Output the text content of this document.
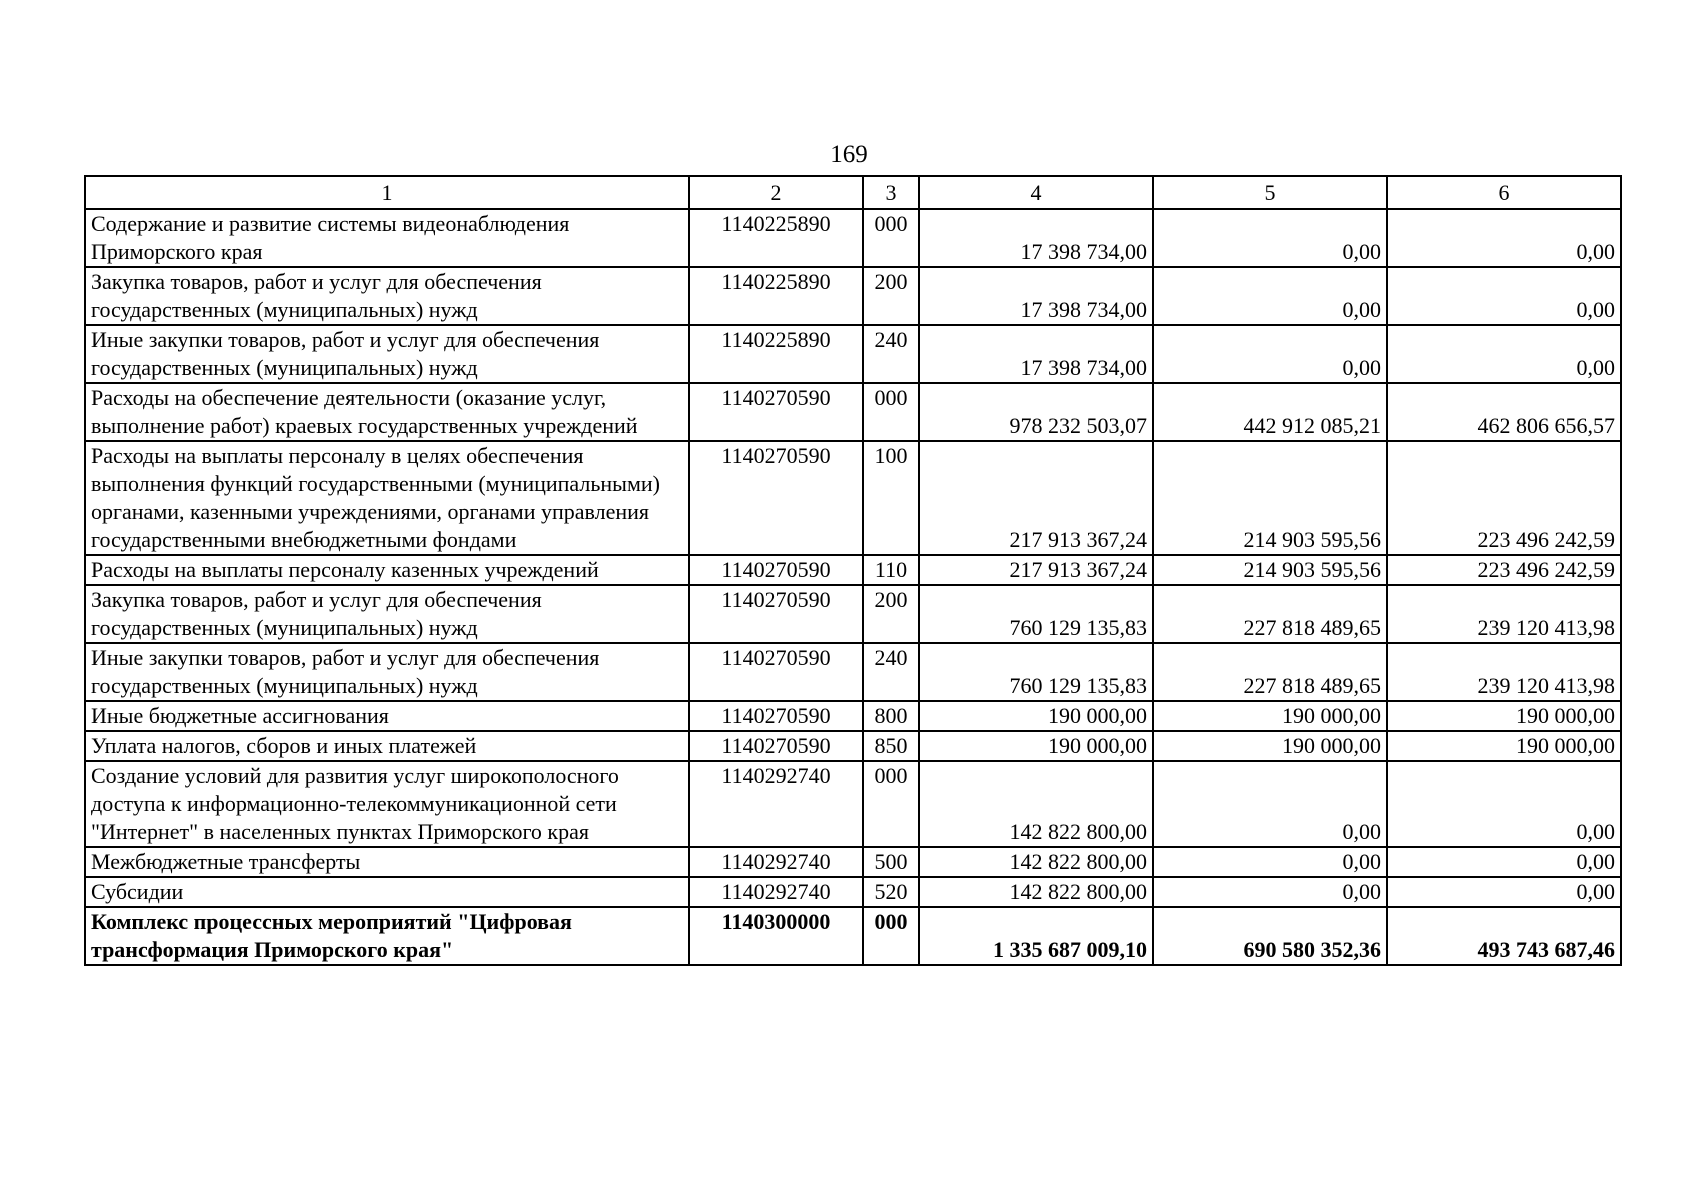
169
1	2	3	4	5	6
Содержание и развитие системы видеонаблюдения Приморского края	1140225890	000	17 398 734,00	0,00	0,00
Закупка товаров, работ и услуг для обеспечения государственных (муниципальных) нужд	1140225890	200	17 398 734,00	0,00	0,00
Иные закупки товаров, работ и услуг для обеспечения государственных (муниципальных) нужд	1140225890	240	17 398 734,00	0,00	0,00
Расходы на обеспечение деятельности (оказание услуг, выполнение работ) краевых государственных учреждений	1140270590	000	978 232 503,07	442 912 085,21	462 806 656,57
Расходы на выплаты персоналу в целях обеспечения выполнения функций государственными (муниципальными) органами, казенными учреждениями, органами управления государственными внебюджетными фондами	1140270590	100	217 913 367,24	214 903 595,56	223 496 242,59
Расходы на выплаты персоналу казенных учреждений	1140270590	110	217 913 367,24	214 903 595,56	223 496 242,59
Закупка товаров, работ и услуг для обеспечения государственных (муниципальных) нужд	1140270590	200	760 129 135,83	227 818 489,65	239 120 413,98
Иные закупки товаров, работ и услуг для обеспечения государственных (муниципальных) нужд	1140270590	240	760 129 135,83	227 818 489,65	239 120 413,98
Иные бюджетные ассигнования	1140270590	800	190 000,00	190 000,00	190 000,00
Уплата налогов, сборов и иных платежей	1140270590	850	190 000,00	190 000,00	190 000,00
Создание условий для развития услуг широкополосного доступа к информационно-телекоммуникационной сети "Интернет" в населенных пунктах Приморского края	1140292740	000	142 822 800,00	0,00	0,00
Межбюджетные трансферты	1140292740	500	142 822 800,00	0,00	0,00
Субсидии	1140292740	520	142 822 800,00	0,00	0,00
Комплекс процессных мероприятий "Цифровая трансформация Приморского края"	1140300000	000	1 335 687 009,10	690 580 352,36	493 743 687,46
